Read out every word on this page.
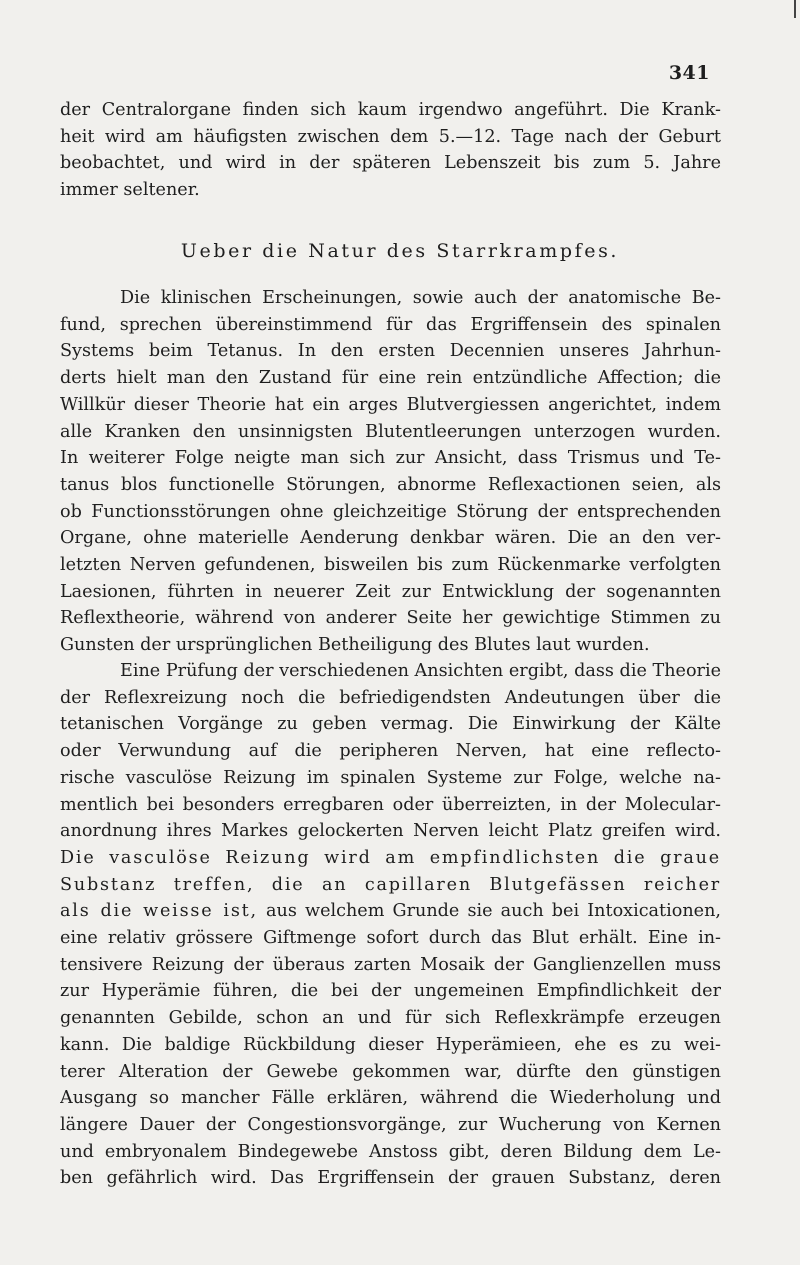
341
der Centralorgane finden sich kaum irgendwo angeführt. Die Krank-
heit wird am häufigsten zwischen dem 5.—12. Tage nach der Geburt
beobachtet, und wird in der späteren Lebenszeit bis zum 5. Jahre
immer seltener.
Ueber die Natur des Starrkrampfes.
Die klinischen Erscheinungen, sowie auch der anatomische Be-
fund, sprechen übereinstimmend für das Ergriffensein des spinalen
Systems beim Tetanus. In den ersten Decennien unseres Jahrhun-
derts hielt man den Zustand für eine rein entzündliche Affection; die
Willkür dieser Theorie hat ein arges Blutvergiessen angerichtet, indem
alle Kranken den unsinnigsten Blutentleerungen unterzogen wurden.
In weiterer Folge neigte man sich zur Ansicht, dass Trismus und Te-
tanus blos functionelle Störungen, abnorme Reflexactionen seien, als
ob Functionsstörungen ohne gleichzeitige Störung der entsprechenden
Organe, ohne materielle Aenderung denkbar wären. Die an den ver-
letzten Nerven gefundenen, bisweilen bis zum Rückenmarke verfolgten
Laesionen, führten in neuerer Zeit zur Entwicklung der sogenannten
Reflextheorie, während von anderer Seite her gewichtige Stimmen zu
Gunsten der ursprünglichen Betheiligung des Blutes laut wurden.
Eine Prüfung der verschiedenen Ansichten ergibt, dass die Theorie
der Reflexreizung noch die befriedigendsten Andeutungen über die
tetanischen Vorgänge zu geben vermag. Die Einwirkung der Kälte
oder Verwundung auf die peripheren Nerven, hat eine reflecto-
rische vasculöse Reizung im spinalen Systeme zur Folge, welche na-
mentlich bei besonders erregbaren oder überreizten, in der Molecular-
anordnung ihres Markes gelockerten Nerven leicht Platz greifen wird.
Die vasculöse Reizung wird am empfindlichsten die graue
Substanz treffen, die an capillaren Blutgefässen reicher
als die weisse ist, aus welchem Grunde sie auch bei Intoxicationen,
eine relativ grössere Giftmenge sofort durch das Blut erhält. Eine in-
tensivere Reizung der überaus zarten Mosaik der Ganglienzellen muss
zur Hyperämie führen, die bei der ungemeinen Empfindlichkeit der
genannten Gebilde, schon an und für sich Reflexkrämpfe erzeugen
kann. Die baldige Rückbildung dieser Hyperämieen, ehe es zu wei-
terer Alteration der Gewebe gekommen war, dürfte den günstigen
Ausgang so mancher Fälle erklären, während die Wiederholung und
längere Dauer der Congestionsvorgänge, zur Wucherung von Kernen
und embryonalem Bindegewebe Anstoss gibt, deren Bildung dem Le-
ben gefährlich wird. Das Ergriffensein der grauen Substanz, deren
